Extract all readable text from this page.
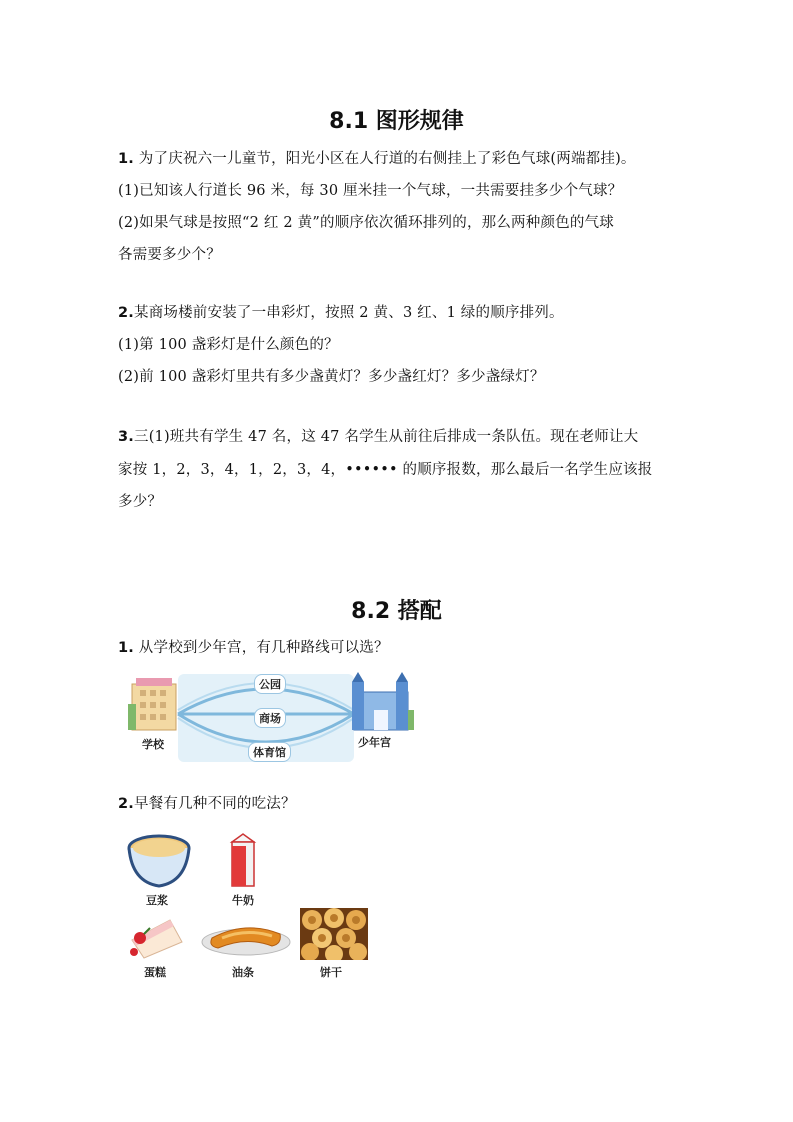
8.1 图形规律
1. 为了庆祝六一儿童节，阳光小区在人行道的右侧挂上了彩色气球(两端都挂)。
(1)已知该人行道长 96 米，每 30 厘米挂一个气球，一共需要挂多少个气球？
(2)如果气球是按照“2 红 2 黄”的顺序依次循环排列的，那么两种颜色的气球
各需要多少个？
2.某商场楼前安装了一串彩灯，按照 2 黄、3 红、1 绿的顺序排列。
(1)第 100 盏彩灯是什么颜色的？
(2)前 100 盏彩灯里共有多少盏黄灯？多少盏红灯？多少盏绿灯？
3.三(1)班共有学生 47 名，这 47 名学生从前往后排成一条队伍。现在老师让大
家按 1，2，3，4，1，2，3，4，•••••• 的顺序报数，那么最后一名学生应该报
多少？
8.2 搭配
1. 从学校到少年宫，有几种路线可以选？
公园
商场
体育馆
学校	少年宫
2.早餐有几种不同的吃法？
豆浆	牛奶
蛋糕	油条	饼干
